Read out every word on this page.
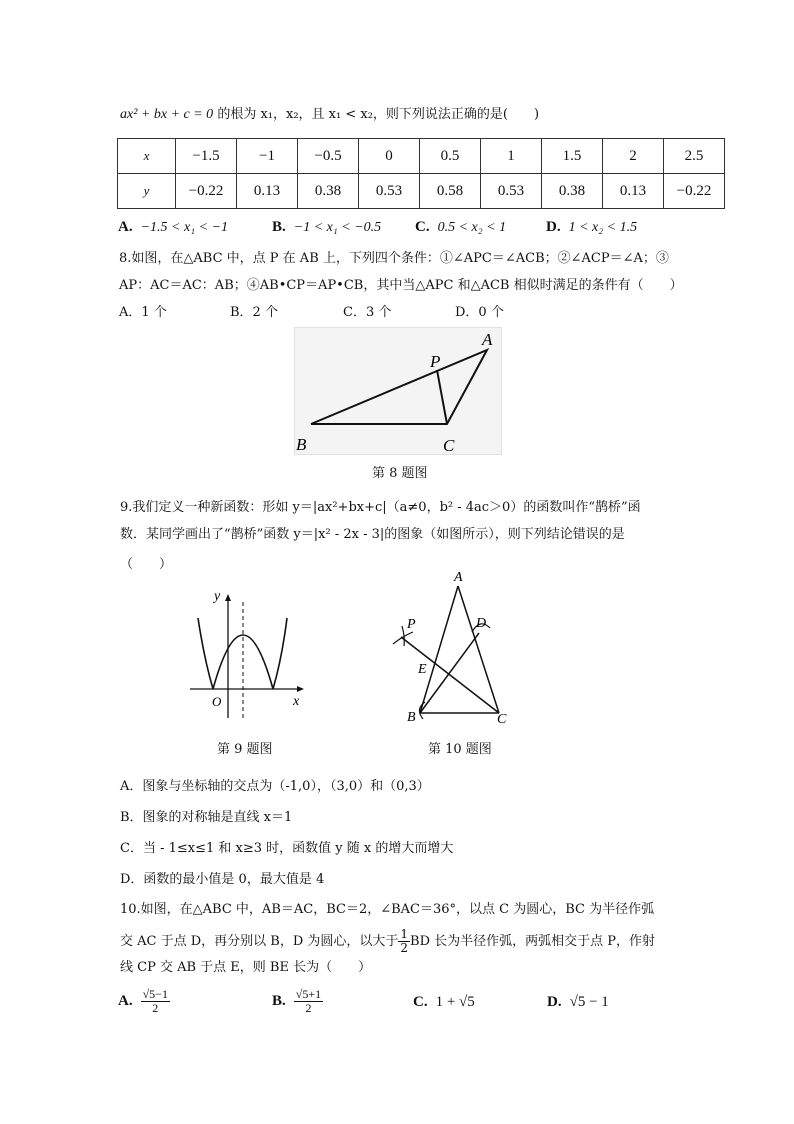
ax² + bx + c = 0 的根为 x₁，x₂，且 x₁ < x₂，则下列说法正确的是(　　)
x	−1.5	−1	−0.5	0	0.5	1	1.5	2	2.5
y	−0.22	0.13	0.38	0.53	0.58	0.53	0.38	0.13	−0.22
A. −1.5 < x₁ < −1	B. −1 < x₁ < −0.5 C. 0.5 < x₂ < 1	D. 1 < x₂ < 1.5
8.如图，在△ABC 中，点 P 在 AB 上，下列四个条件：①∠APC＝∠ACB；②∠ACP＝∠A；③
AP：AC＝AC：AB；④AB•CP＝AP•CB，其中当△APC 和△ACB 相似时满足的条件有（　　）
A．1 个	B．2 个	C．3 个	D．0 个
A
P
B	C
第 8 题图
9.我们定义一种新函数：形如 y＝|ax²+bx+c|（a≠0，b² - 4ac＞0）的函数叫作“鹊桥”函
数．某同学画出了“鹊桥”函数 y＝|x² - 2x - 3|的图象（如图所示），则下列结论错误的是
（　　）
y
x
O
第 9 题图
A
D
P
E
B	C
第 10 题图
A．图象与坐标轴的交点为（-1,0），（3,0）和（0,3）
B．图象的对称轴是直线 x＝1
C．当 - 1≤x≤1 和 x≥3 时，函数值 y 随 x 的增大而增大
D．函数的最小值是 0，最大值是 4
10.如图，在△ABC 中，AB＝AC，BC＝2，∠BAC＝36°，以点 C 为圆心，BC 为半径作弧
交 AC 于点 D，再分别以 B，D 为圆心，以大于 $\frac{1}{2}$ BD 长为半径作弧，两弧相交于点 P，作射
线 CP 交 AB 于点 E，则 BE 长为（　　）
A. $\frac{√5-1}{2}$	B. $\frac{√5+1}{2}$	C. 1 + √5	D. √5 − 1
